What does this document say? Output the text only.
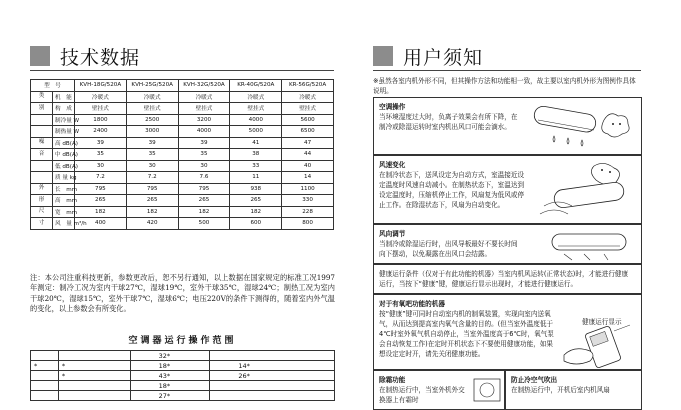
技术数据
型　号		KVH-18G/520A	KVH-25G/520A	KVH-32G/520A	KR-40G/520A	KR-56G/520A
类	机　能	冷暖式	冷暖式	冷暖式	冷暖式	冷暖式
别	构　成	壁挂式	壁挂式	壁挂式	壁挂式	壁挂式
	制冷量 W	1800	2500	3200	4000	5600
	制热量 W	2400	3000	4000	5000	6500
噪	高 dB(A)	39	39	39	41	47
音	中 dB(A)	35	35	35	38	44
	低 dB(A)	30	30	30	33	40
	质 量 kg	7.2	7.2	7.6	11	14
外	长　mm	795	795	795	938	1100
形	高　mm	265	265	265	265	330
尺	宽　mm	182	182	182	182	228
寸	风　量 m³/h	400	420	500	600	800
注：本公司注重科技更新，参数更改后，恕不另行通知，以上数据在国家规定的标准工况1997年测定：制冷工况为室内干球27℃，湿球19℃，室外干球35℃，湿球24℃；制热工况为室内干球20℃，湿球15℃，室外干球7℃，湿球6℃；电压220V的条件下测得的，随着室内外气温的变化，以上参数会有所变化。
空调器运行操作范围
		32*	
*	*	18*	14*
	*	43*	26*
		18*	
		27*	
用户须知
※虽然各室内机外形不同，但其操作方法和功能相一致，故主要以室内机外形为图例作具体说明。
空调操作
当环境湿度过大时，负离子效果会有所下降，在制冷或除湿运转时室内机出风口可能会滴水。
风速变化
在制冷状态下，送风设定为自动方式，室温接近设定温度时风速自动减小。在制热状态下，室温达到设定温度时，压缩机停止工作，风扇复为低风或停止工作。在除湿状态下，风扇为自动变化。
风向调节
当制冷或除湿运行时，出风导板最好不要长时间向下摆动，以免凝露在出风口会结露。
健康运行条件（仅对于有此功能的机器）当室内机风运转(正常状态)时，才能进行健康
运行，当按下“健康”键，健康运行显示出现时，才能进行健康运行。
对于有氧吧功能的机器
按“健康”键可同时自动室内机的制氧装置，实现向室内送氧气，从而达到提高室内氧气含量的目的。(但当室外温度低于4℃时室外氧气机自动停止，当室外温度高于6℃时，氧气泵会自动恢复工作)在定时开机状态下不要使用健康功能，如果想设定定时开，请先关闭健康功能。
健康运行显示
除霜功能
在制热运行中，当室外机外交换器上有霜时
防止冷空气吹出
在制热运行中，开机后室内机风扇
